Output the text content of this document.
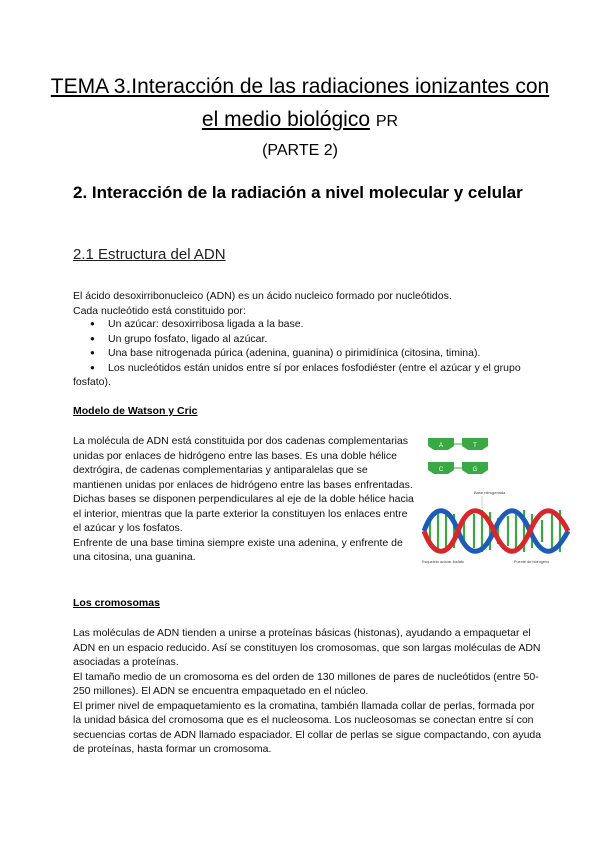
TEMA 3.Interacción de las radiaciones ionizantes con el medio biológico PR
(PARTE 2)
2. Interacción de la radiación a nivel molecular y celular
2.1 Estructura del ADN
El ácido desoxirribonucleico (ADN) es un ácido nucleico formado por nucleótidos.
Cada nucleótido está constituido por:
● Un azúcar: desoxirribosa ligada a la base.
● Un grupo fosfato, ligado al azúcar.
● Una base nitrogenada púrica (adenina, guanina) o pirimidínica (citosina, timina).
● Los nucleótidos están unidos entre sí por enlaces fosfodiéster (entre el azúcar y el grupo fosfato).
Modelo de Watson y Cric
La molécula de ADN está constituida por dos cadenas complementarias unidas por enlaces de hidrógeno entre las bases. Es una doble hélice dextrógira, de cadenas complementarias y antiparalelas que se mantienen unidas por enlaces de hidrógeno entre las bases enfrentadas.
Dichas bases se disponen perpendiculares al eje de la doble hélice hacia el interior, mientras que la parte exterior la constituyen los enlaces entre el azúcar y los fosfatos.
Enfrente de una base timina siempre existe una adenina, y enfrente de una citosina, una guanina.
A	T
C	G
Base nitrogenada
Esqueleto azúcar-fosfato	Puente de hidrógeno
Los cromosomas
Las moléculas de ADN tienden a unirse a proteínas básicas (histonas), ayudando a empaquetar el ADN en un espacio reducido. Así se constituyen los cromosomas, que son largas moléculas de ADN asociadas a proteínas.
El tamaño medio de un cromosoma es del orden de 130 millones de pares de nucleótidos (entre 50-250 millones). El ADN se encuentra empaquetado en el núcleo.
El primer nivel de empaquetamiento es la cromatina, también llamada collar de perlas, formada por la unidad básica del cromosoma que es el nucleosoma. Los nucleosomas se conectan entre sí con secuencias cortas de ADN llamado espaciador. El collar de perlas se sigue compactando, con ayuda de proteínas, hasta formar un cromosoma.
